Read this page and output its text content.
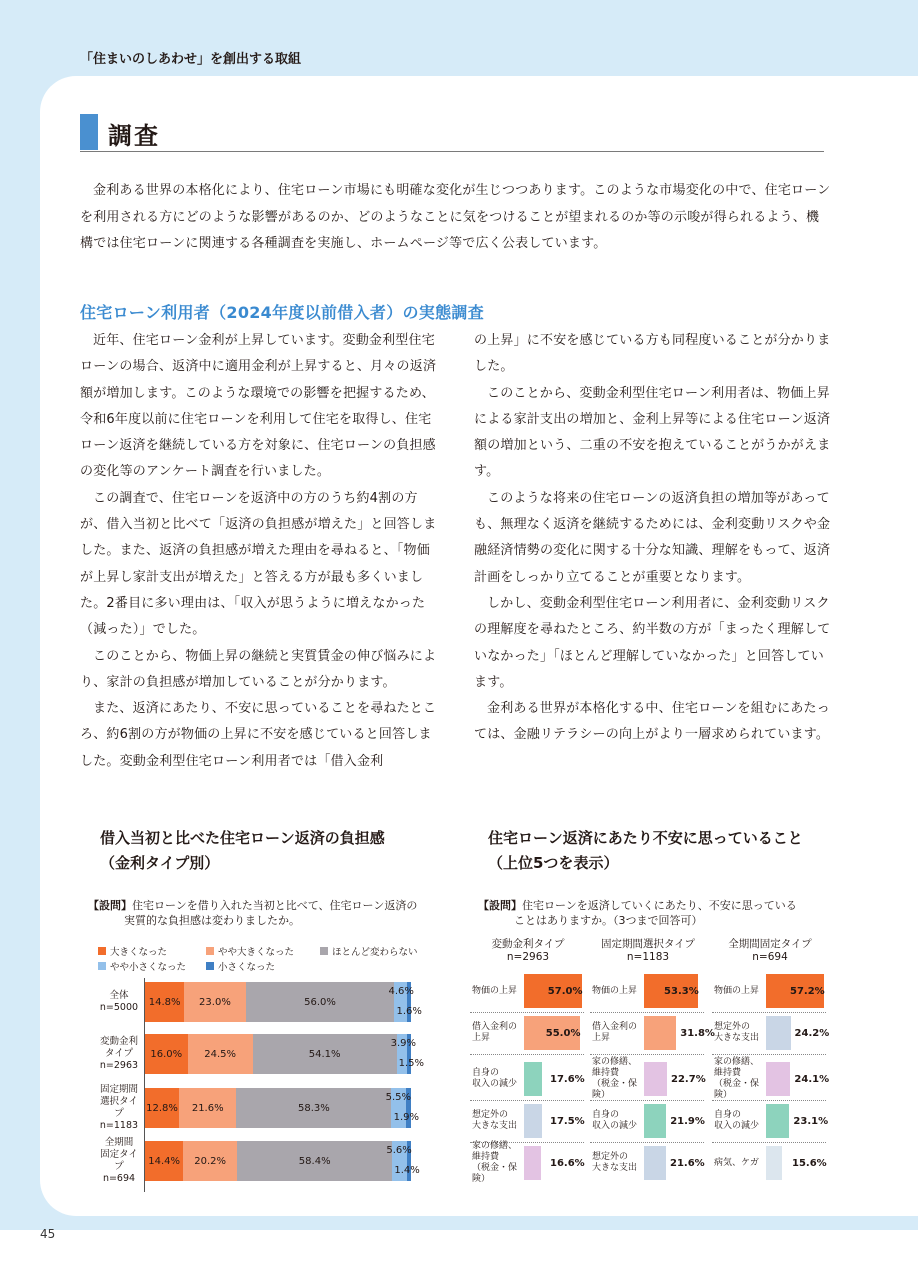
「住まいのしあわせ」を創出する取組
調査

金利ある世界の本格化により、住宅ローン市場にも明確な変化が生じつつあります。このような市場変化の中で、住宅ローンを利用される方にどのような影響があるのか、どのようなことに気をつけることが望まれるのか等の示唆が得られるよう、機構では住宅ローンに関連する各種調査を実施し、ホームページ等で広く公表しています。

住宅ローン利用者（2024年度以前借入者）の実態調査

近年、住宅ローン金利が上昇しています。変動金利型住宅ローンの場合、返済中に適用金利が上昇すると、月々の返済額が増加します。このような環境での影響を把握するため、令和6年度以前に住宅ローンを利用して住宅を取得し、住宅ローン返済を継続している方を対象に、住宅ローンの負担感の変化等のアンケート調査を行いました。

この調査で、住宅ローンを返済中の方のうち約4割の方が、借入当初と比べて「返済の負担感が増えた」と回答しました。また、返済の負担感が増えた理由を尋ねると、「物価が上昇し家計支出が増えた」と答える方が最も多くいました。2番目に多い理由は、「収入が思うように増えなかった（減った）」でした。

このことから、物価上昇の継続と実質賃金の伸び悩みにより、家計の負担感が増加していることが分かります。

また、返済にあたり、不安に思っていることを尋ねたところ、約6割の方が物価の上昇に不安を感じていると回答しました。変動金利型住宅ローン利用者では「借入金利

の上昇」に不安を感じている方も同程度いることが分かりました。

このことから、変動金利型住宅ローン利用者は、物価上昇による家計支出の増加と、金利上昇等による住宅ローン返済額の増加という、二重の不安を抱えていることがうかがえます。

このような将来の住宅ローンの返済負担の増加等があっても、無理なく返済を継続するためには、金利変動リスクや金融経済情勢の変化に関する十分な知識、理解をもって、返済計画をしっかり立てることが重要となります。

しかし、変動金利型住宅ローン利用者に、金利変動リスクの理解度を尋ねたところ、約半数の方が「まったく理解していなかった」「ほとんど理解していなかった」と回答しています。

金利ある世界が本格化する中、住宅ローンを組むにあたっては、金融リテラシーの向上がより一層求められています。

借入当初と比べた住宅ローン返済の負担感
（金利タイプ別）
【設問】住宅ローンを借り入れた当初と比べて、住宅ローン返済の
実質的な負担感は変わりましたか。
大きくなった	やや大きくなった	ほとんど変わらない
やや小さくなった	小さくなった
全体
n=5000 14.8% 23.0%	56.0%
4.6%
1.6%
変動金利
タイプ
n=2963
16.0% 24.5%	54.1%
3.9%
1.5%
固定期間
選択タイプ
n=1183
12.8% 21.6%	58.3%
5.5%
1.9%
全期間
固定タイプ
n=694
14.4% 20.2%	58.4%
5.6%
1.4%
住宅ローン返済にあたり不安に思っていること
（上位5つを表示）
【設問】住宅ローンを返済していくにあたり、不安に思っている
ことはありますか。（3つまで回答可）
変動金利タイプ
n=2963
物価の上昇	57.0%
借入金利の
上昇	55.0%
自身の
収入の減少	17.6%
想定外の
大きな支出	17.5%
家の修繕、
維持費
（税金・保険）
16.6%
固定期間選択タイプ
n=1183
物価の上昇	53.3%
借入金利の
上昇	31.8%
家の修繕、
維持費
（税金・保険）
22.7%
自身の
収入の減少	21.9%
想定外の
大きな支出	21.6%
全期間固定タイプ
n=694
物価の上昇	57.2%
想定外の
大きな支出	24.2%
家の修繕、
維持費
（税金・保険）
24.1%
自身の
収入の減少	23.1%
病気、ケガ	15.6%
45
